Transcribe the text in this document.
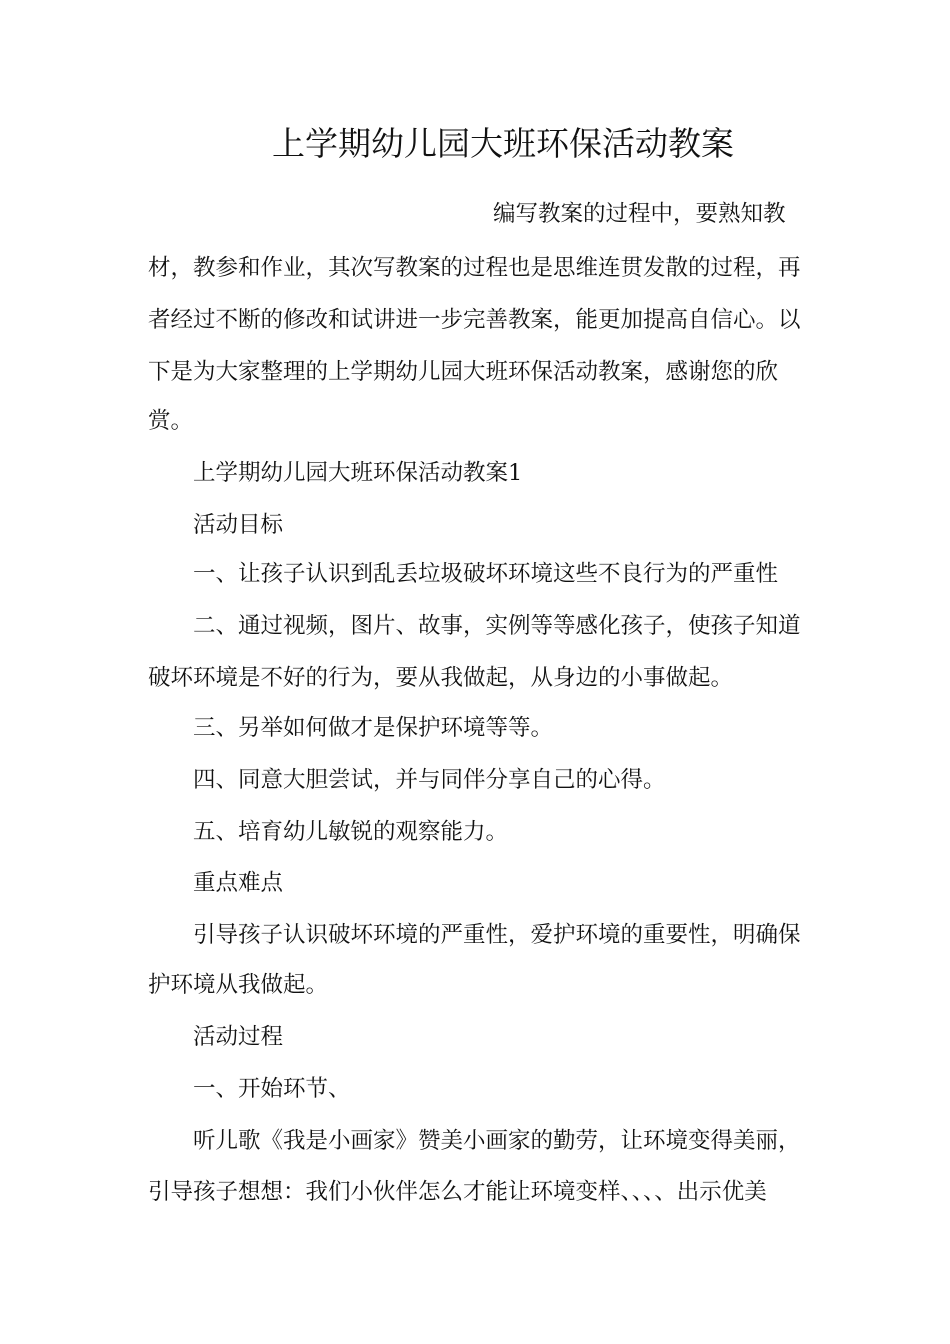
上学期幼儿园大班环保活动教案
编写教案的过程中，要熟知教
材，教参和作业，其次写教案的过程也是思维连贯发散的过程，再
者经过不断的修改和试讲进一步完善教案，能更加提高自信心。以
下是为大家整理的上学期幼儿园大班环保活动教案，感谢您的欣
赏。
上学期幼儿园大班环保活动教案1
活动目标
一、让孩子认识到乱丢垃圾破坏环境这些不良行为的严重性
二、通过视频，图片、故事，实例等等感化孩子，使孩子知道
破坏环境是不好的行为，要从我做起，从身边的小事做起。
三、另举如何做才是保护环境等等。
四、同意大胆尝试，并与同伴分享自己的心得。
五、培育幼儿敏锐的观察能力。
重点难点
引导孩子认识破坏环境的严重性，爱护环境的重要性，明确保
护环境从我做起。
活动过程
一、开始环节、
听儿歌《我是小画家》赞美小画家的勤劳，让环境变得美丽，
引导孩子想想：我们小伙伴怎么才能让环境变样、、、、出示优美
